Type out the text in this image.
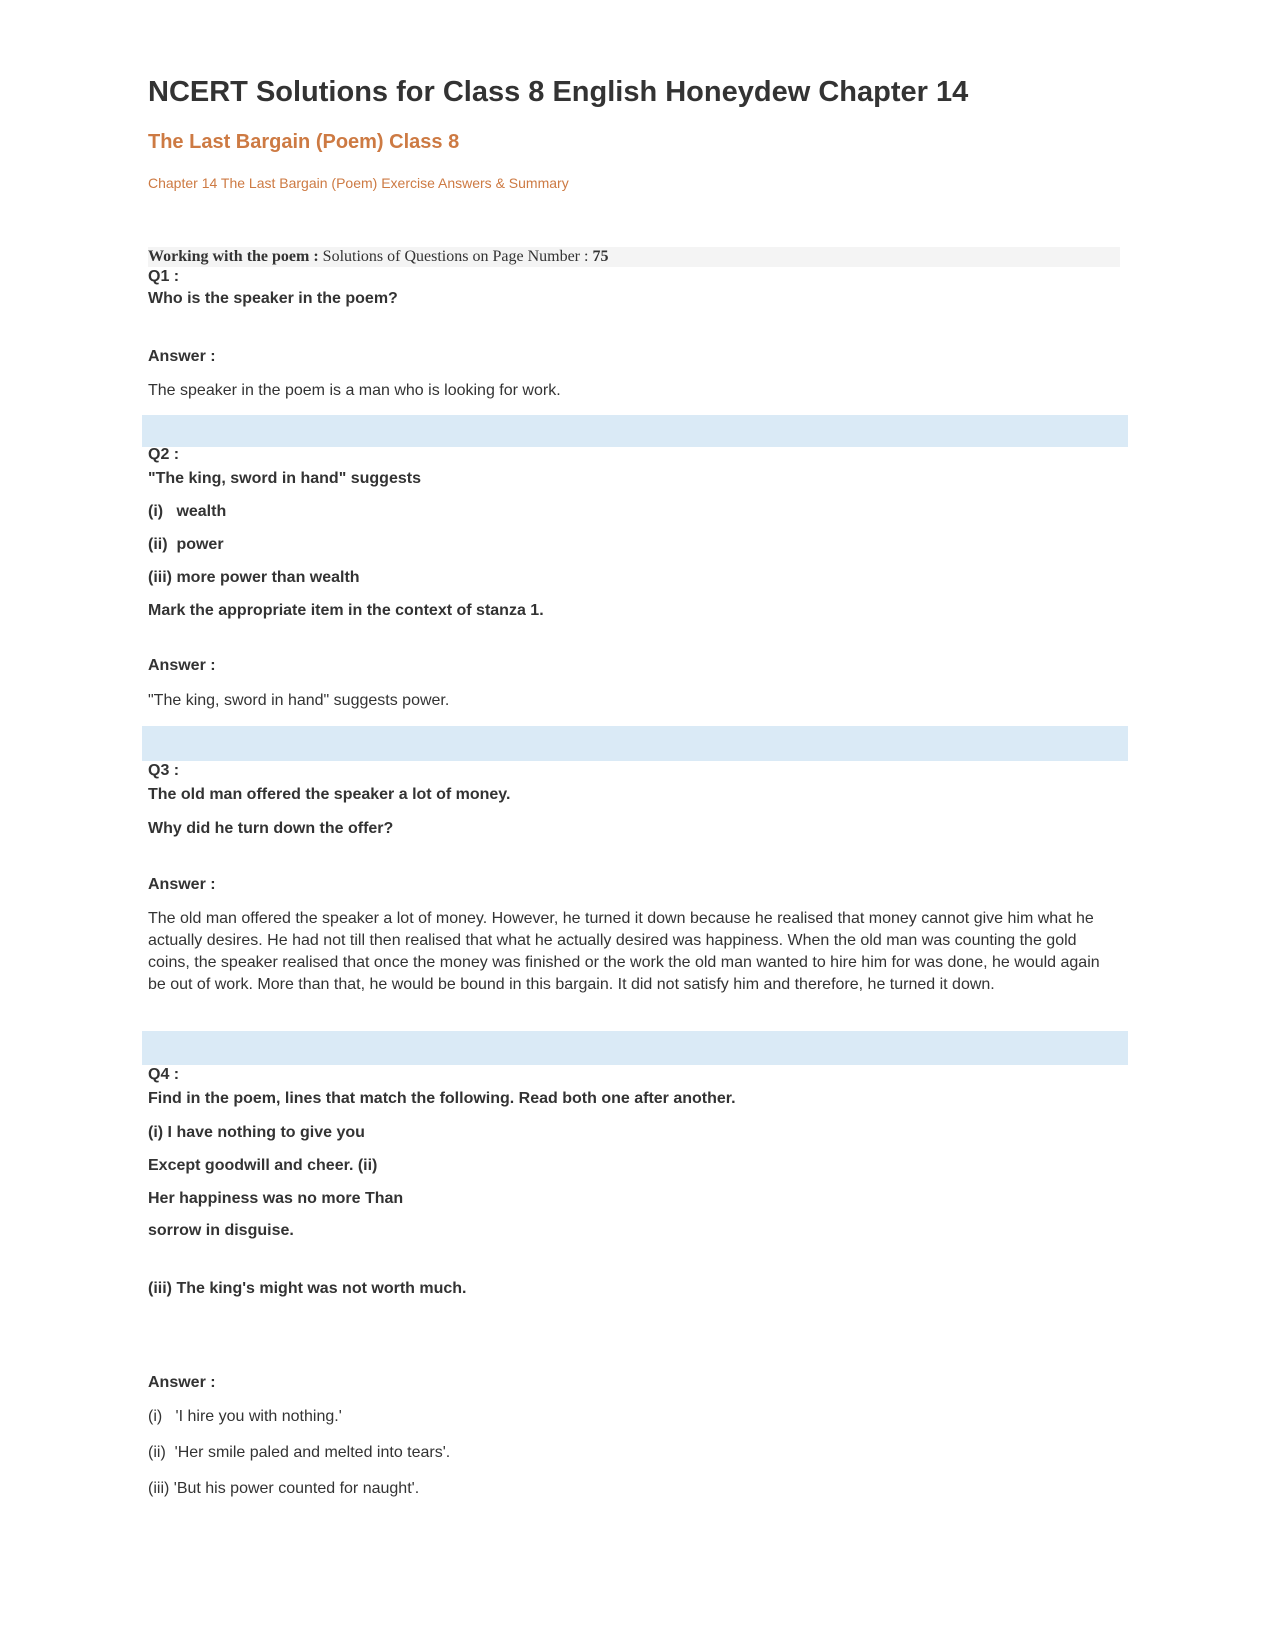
NCERT Solutions for Class 8 English Honeydew Chapter 14
The Last Bargain (Poem) Class 8
Chapter 14 The Last Bargain (Poem) Exercise Answers & Summary
Working with the poem : Solutions of Questions on Page Number : 75
Q1 :
Who is the speaker in the poem?
Answer :
The speaker in the poem is a man who is looking for work.
Q2 :
"The king, sword in hand" suggests
(i)   wealth
(ii)  power
(iii) more power than wealth
Mark the appropriate item in the context of stanza 1.
Answer :
"The king, sword in hand" suggests power.
Q3 :
The old man offered the speaker a lot of money.
Why did he turn down the offer?
Answer :

The old man offered the speaker a lot of money. However, he turned it down because he realised that money cannot give him what he actually desires. He had not till then realised that what he actually desired was happiness. When the old man was counting the gold coins, the speaker realised that once the money was finished or the work the old man wanted to hire him for was done, he would again be out of work. More than that, he would be bound in this bargain. It did not satisfy him and therefore, he turned it down.

Q4 :
Find in the poem, lines that match the following. Read both one after another.
(i) I have nothing to give you
Except goodwill and cheer. (ii)
Her happiness was no more Than
sorrow in disguise.
(iii) The king's might was not worth much.
Answer :
(i)   'I hire you with nothing.'
(ii)  'Her smile paled and melted into tears'.
(iii) 'But his power counted for naught'.
